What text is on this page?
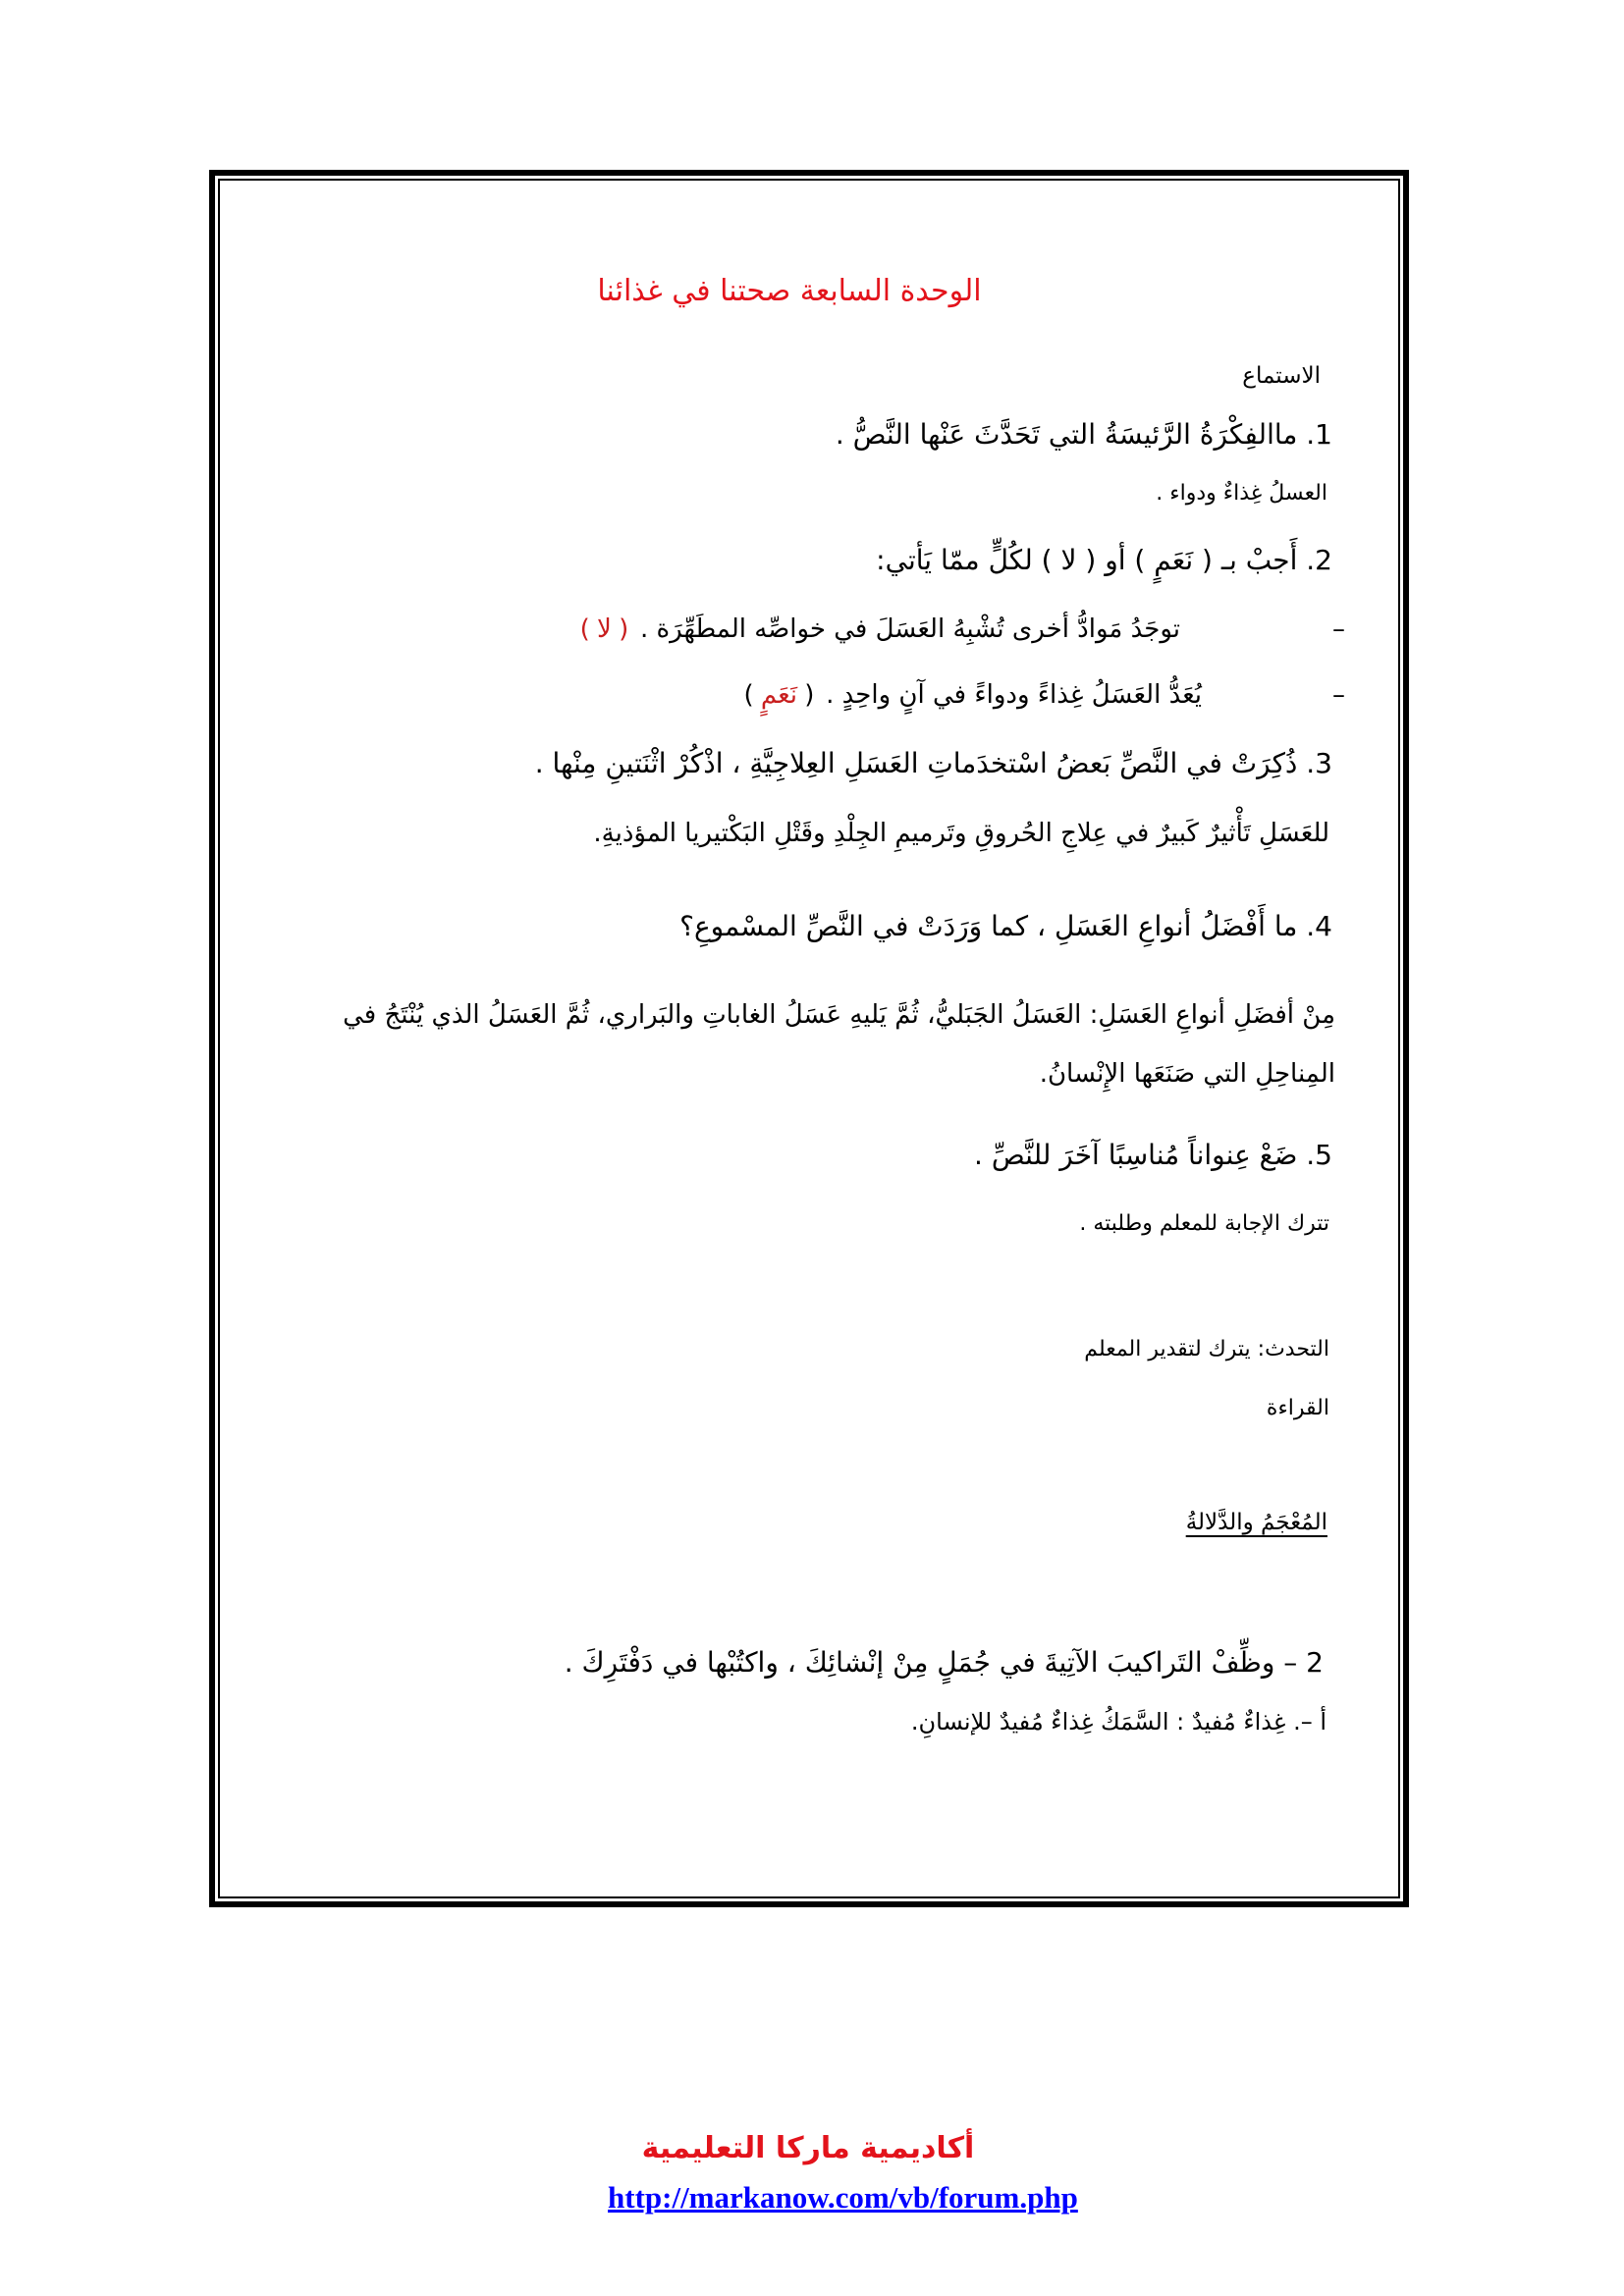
الوحدة السابعة صحتنا في غذائنا
الاستماع
1. ماالفِكْرَةُ الرَّئيسَةُ التي تَحَدَّثَ عَنْها النَّصُّ .
العسلُ غِذاءٌ ودواء .
2. أَجبْ بـ ( نَعَمٍ ) أو ( لا ) لكُلٍّ ممّا يَأتي:
–
توجَدُ مَوادُّ أخرى تُشْبِهُ العَسَلَ في خواصِّه المطَهِّرَة .(لا)
–
يُعَدُّ العَسَلُ غِذاءً ودواءً في آنٍ واحِدٍ .(نَعَمٍ)
3. ذُكِرَتْ في النَّصِّ بَعضُ اسْتخدَماتِ العَسَلِ العِلاجِيَّةِ ، اذْكُرْ اثْنَتينِ مِنْها .
للعَسَلِ تَأْثيرٌ كَبيرٌ في عِلاجِ الحُروقِ وتَرميمِ الجِلْدِ وقَتْلِ البَكْتيريا المؤذيةِ.
4. ما أَفْضَلُ أنواعِ العَسَلِ ، كما وَرَدَتْ في النَّصِّ المسْموعِ؟
مِنْ أفضَلِ أنواعِ العَسَلِ: العَسَلُ الجَبَليُّ، ثُمَّ يَليهِ عَسَلُ الغاباتِ والبَراري، ثُمَّ العَسَلُ الذي يُنْتَجُ في
المِناحِلِ التي صَنَعَها الإِنْسانُ.
5. ضَعْ عِنواناً مُناسِبًا آخَرَ للنَّصِّ .
تترك الإجابة للمعلم وطلبته .
التحدث: يترك لتقدير المعلم
القراءة
المُعْجَمُ والدَّلالةُ
2 – وظِّفْ التَراكيبَ الآتِيةَ في جُمَلٍ مِنْ إنْشائِكَ ، واكتُبْها في دَفْتَرِكَ .
أ –. غِذاءٌ مُفيدٌ : السَّمَكُ غِذاءٌ مُفيدٌ للإنسانِ.
أكاديمية ماركا التعليمية
http://markanow.com/vb/forum.php
